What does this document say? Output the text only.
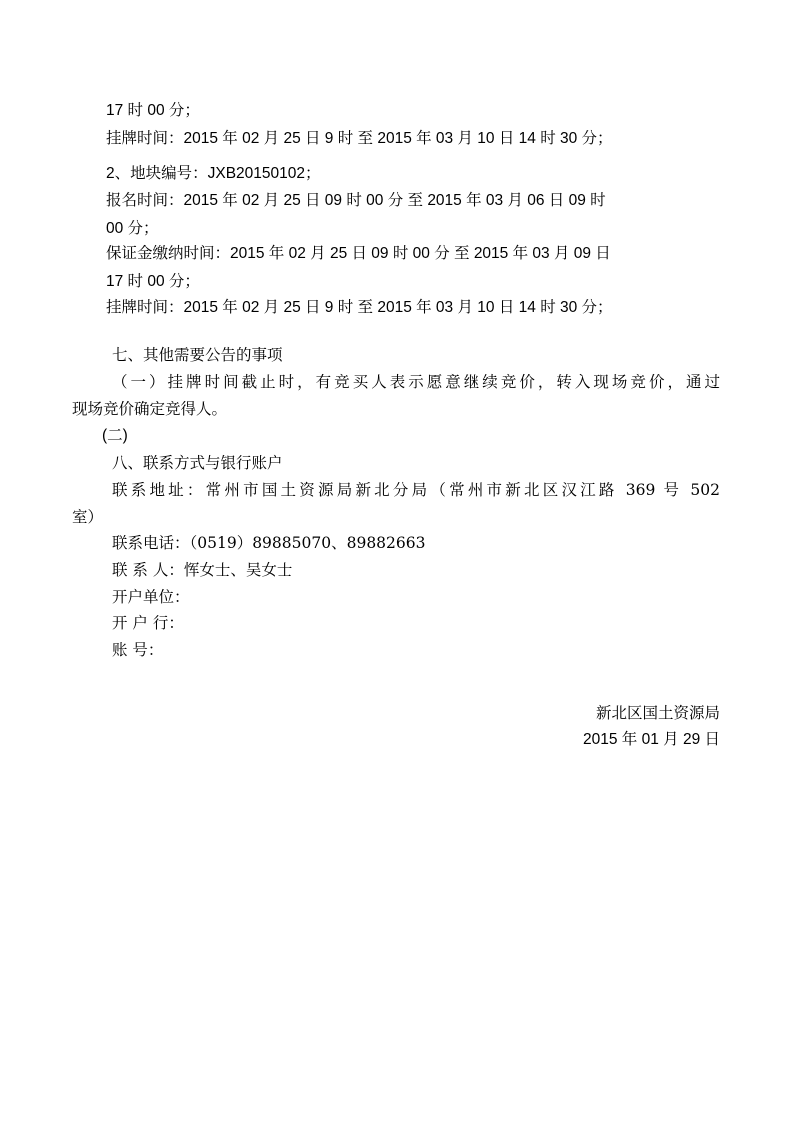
17 时 00 分；
挂牌时间：2015 年 02 月 25 日 9 时 至 2015 年 03 月 10 日 14 时 30 分；
2、地块编号：JXB20150102；
报名时间：2015 年 02 月 25 日 09 时 00 分 至 2015 年 03 月 06 日 09 时
00 分；
保证金缴纳时间：2015 年 02 月 25 日 09 时 00 分 至 2015 年 03 月 09 日
17 时 00 分；
挂牌时间：2015 年 02 月 25 日 9 时 至 2015 年 03 月 10 日 14 时 30 分；
七、其他需要公告的事项
（一）挂牌时间截止时，有竞买人表示愿意继续竞价，转入现场竞价，通过
现场竞价确定竞得人。
(二)
八、联系方式与银行账户
联系地址：常州市国土资源局新北分局（常州市新北区汉江路 369 号 502
室）
联系电话：（0519）89885070、89882663
联 系 人：恽女士、吴女士
开户单位：
开 户 行：
账 号：
新北区国土资源局
2015 年 01 月 29 日
